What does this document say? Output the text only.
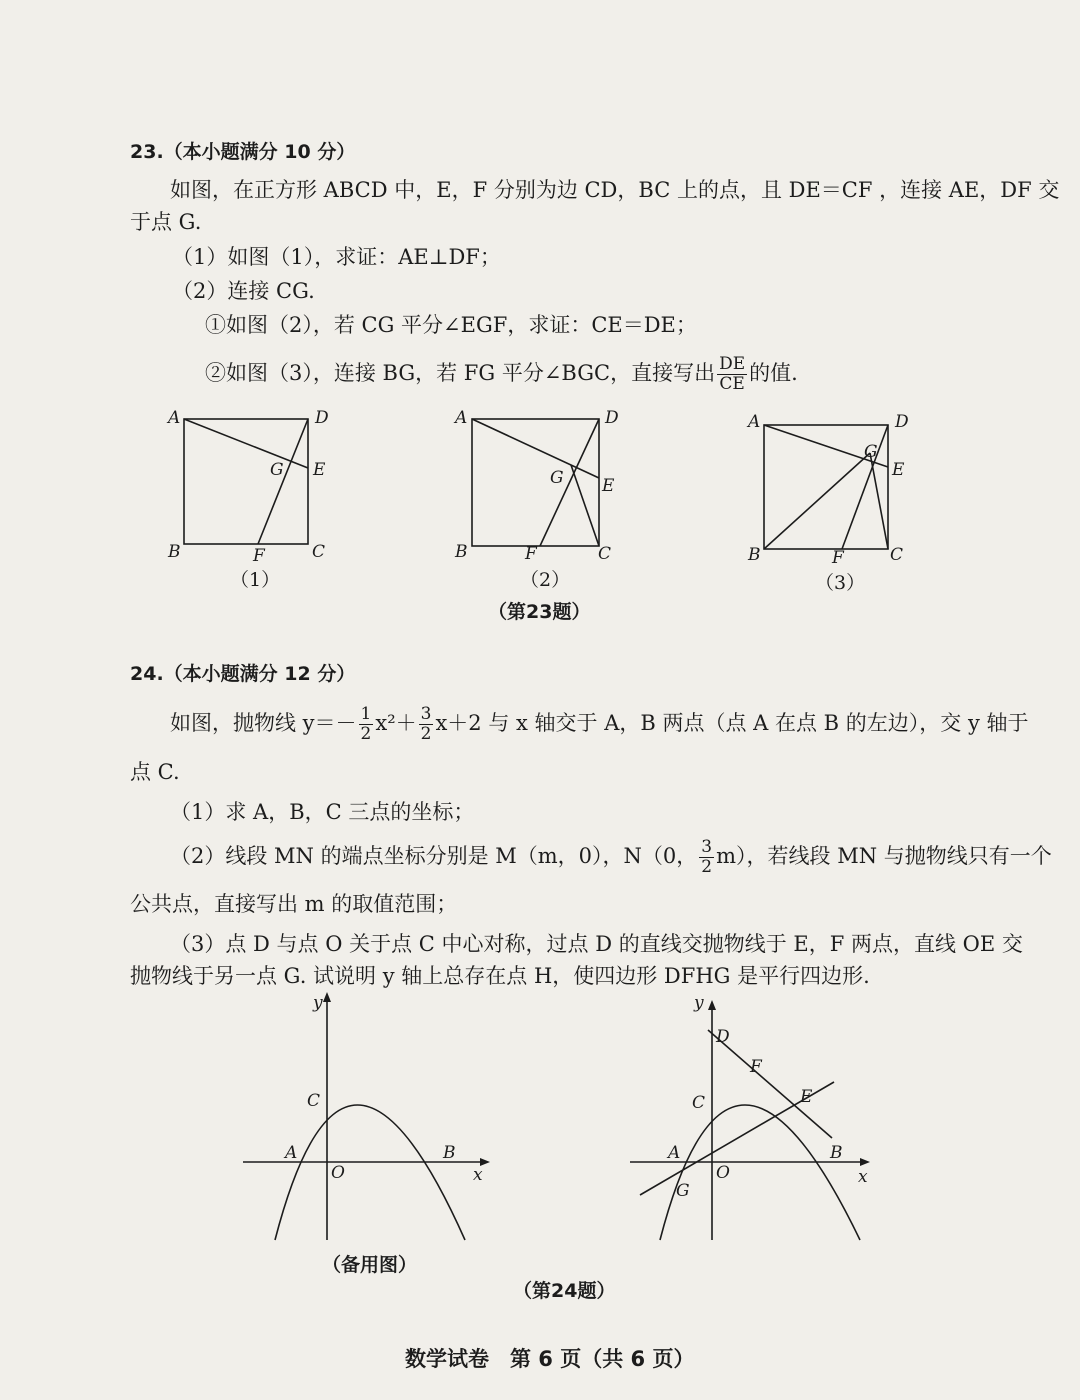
23.（本小题满分 10 分）
如图，在正方形 ABCD 中，E，F 分别为边 CD，BC 上的点，且 DE＝CF ，连接 AE，DF 交
于点 G.
（1）如图（1），求证：AE⊥DF；
（2）连接 CG.
①如图（2），若 CG 平分∠EGF，求证：CE＝DE；
②如图（3），连接 BG，若 FG 平分∠BGC，直接写出 $\frac{DE}{CE}$ 的值.
A	D
B	C
E
F
G
（1）
A	D
B	C
E
F
G
（2）
A	D
B	C
E
F
G
（3）
（第23题）
24.（本小题满分 12 分）
如图，抛物线 $y=- \frac{1}{2} x^2+ \frac{3}{2} x+2$ 与 x 轴交于 A，B 两点（点 A 在点 B 的左边），交 y 轴于
点 C.
（1）求 A，B，C 三点的坐标；
（2）线段 MN 的端点坐标分别是 M（m，0），N（0， $\frac{3}{2} m$），若线段 MN 与抛物线只有一个
公共点，直接写出 m 的取值范围；
（3）点 D 与点 O 关于点 C 中心对称，过点 D 的直线交抛物线于 E，F 两点，直线 OE 交
抛物线于另一点 G. 试说明 y 轴上总存在点 H，使四边形 DFHG 是平行四边形.
y
x
O
A	B
C
（备用图）
y
x
O
A	B
C
D
E
F
G
（第24题）
数学试卷　第 6 页（共 6 页）
